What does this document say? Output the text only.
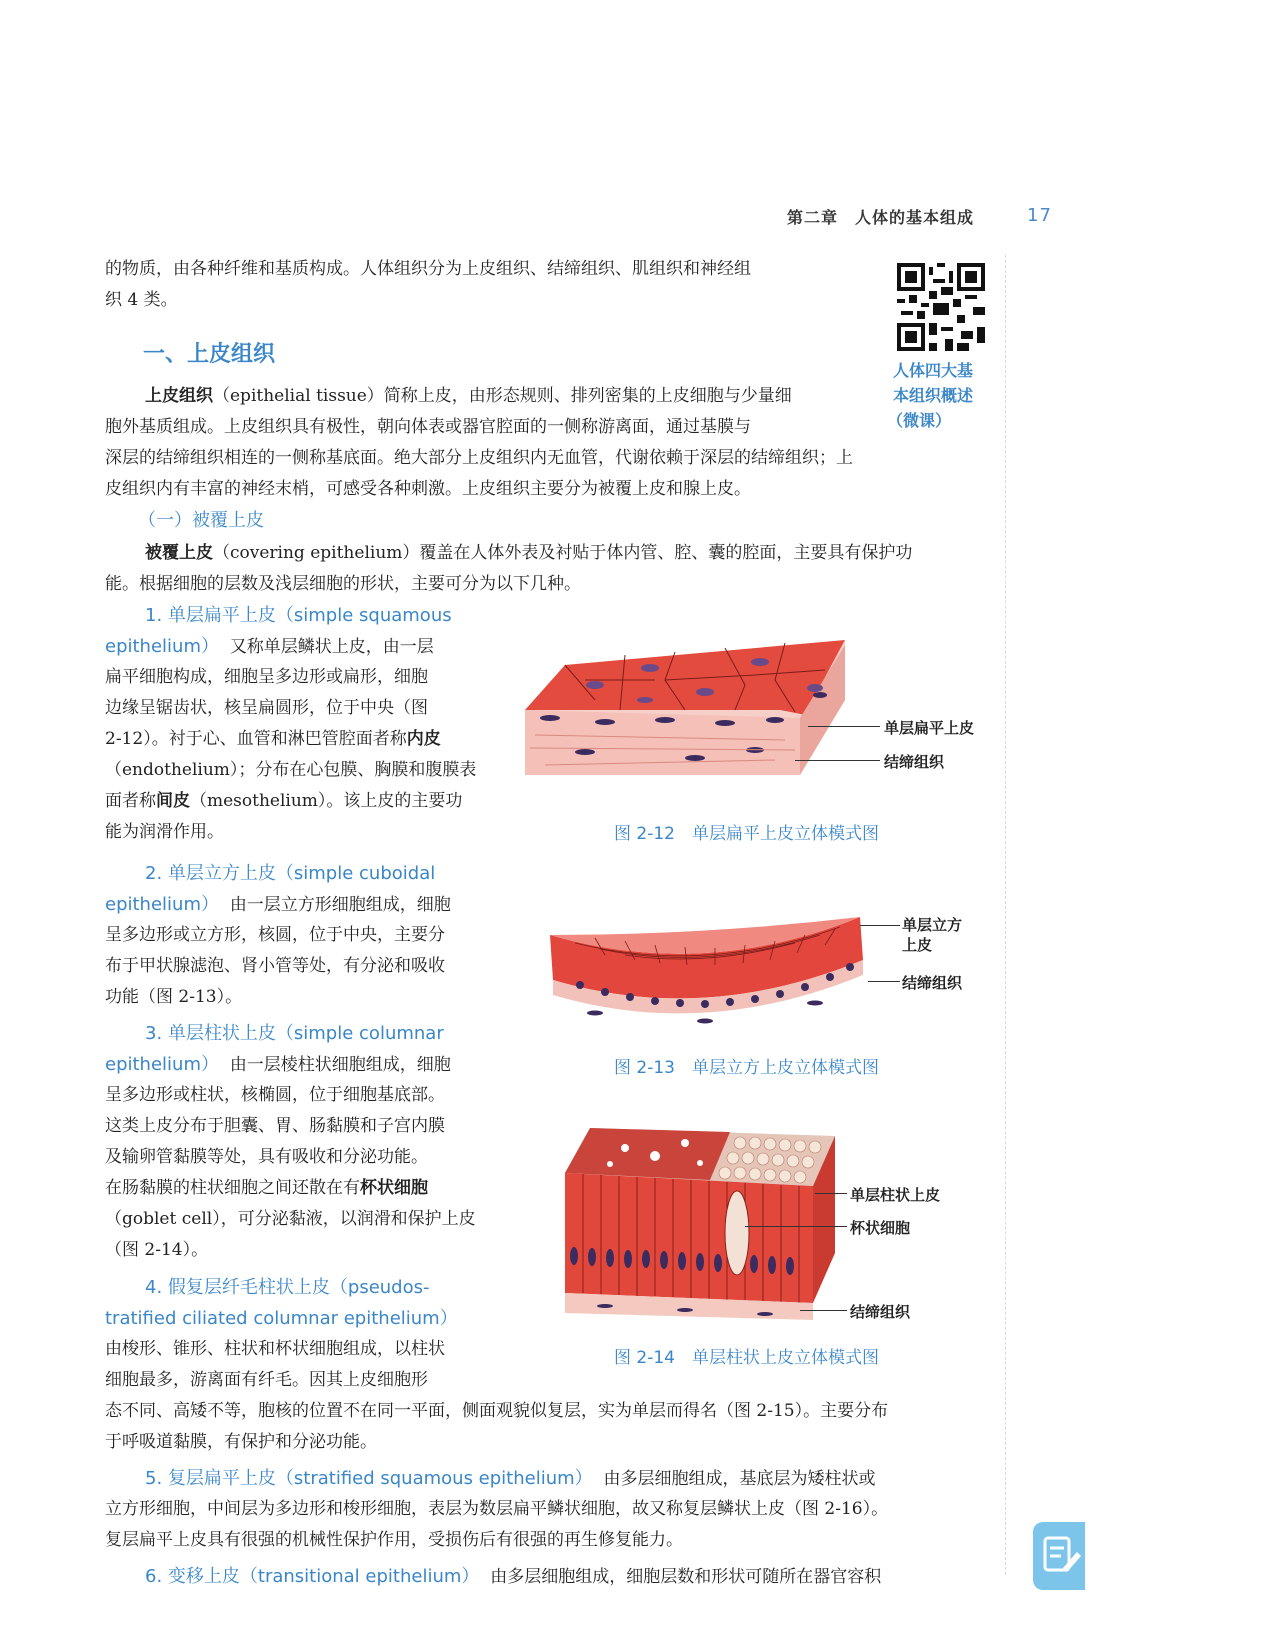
第二章　人体的基本组成	17
的物质，由各种纤维和基质构成。人体组织分为上皮组织、结缔组织、肌组织和神经组
织 4 类。
人体四大基
本组织概述
（微课）
一、上皮组织
上皮组织（epithelial tissue）简称上皮，由形态规则、排列密集的上皮细胞与少量细
胞外基质组成。上皮组织具有极性，朝向体表或器官腔面的一侧称游离面，通过基膜与
深层的结缔组织相连的一侧称基底面。绝大部分上皮组织内无血管，代谢依赖于深层的结缔组织；上
皮组织内有丰富的神经末梢，可感受各种刺激。上皮组织主要分为被覆上皮和腺上皮。
（一）被覆上皮
被覆上皮（covering epithelium）覆盖在人体外表及衬贴于体内管、腔、囊的腔面，主要具有保护功
能。根据细胞的层数及浅层细胞的形状，主要可分为以下几种。
1. 单层扁平上皮（simple squamous
epithelium） 又称单层鳞状上皮，由一层
扁平细胞构成，细胞呈多边形或扁形，细胞
边缘呈锯齿状，核呈扁圆形，位于中央（图
2-12）。衬于心、血管和淋巴管腔面者称内皮
（endothelium）；分布在心包膜、胸膜和腹膜表
面者称间皮（mesothelium）。该上皮的主要功
能为润滑作用。
2. 单层立方上皮（simple cuboidal
epithelium） 由一层立方形细胞组成，细胞
呈多边形或立方形，核圆，位于中央，主要分
布于甲状腺滤泡、肾小管等处，有分泌和吸收
功能（图 2-13）。
3. 单层柱状上皮（simple columnar
epithelium） 由一层棱柱状细胞组成，细胞
呈多边形或柱状，核椭圆，位于细胞基底部。
这类上皮分布于胆囊、胃、肠黏膜和子宫内膜
及输卵管黏膜等处，具有吸收和分泌功能。
在肠黏膜的柱状细胞之间还散在有杯状细胞
（goblet cell），可分泌黏液，以润滑和保护上皮
（图 2-14）。
4. 假复层纤毛柱状上皮（pseudos-
tratified ciliated columnar epithelium）
由梭形、锥形、柱状和杯状细胞组成，以柱状
细胞最多，游离面有纤毛。因其上皮细胞形
态不同、高矮不等，胞核的位置不在同一平面，侧面观貌似复层，实为单层而得名（图 2-15）。主要分布
于呼吸道黏膜，有保护和分泌功能。
5. 复层扁平上皮（stratified squamous epithelium） 由多层细胞组成，基底层为矮柱状或
立方形细胞，中间层为多边形和梭形细胞，表层为数层扁平鳞状细胞，故又称复层鳞状上皮（图 2-16）。
复层扁平上皮具有很强的机械性保护作用，受损伤后有很强的再生修复能力。
6. 变移上皮（transitional epithelium） 由多层细胞组成，细胞层数和形状可随所在器官容积
单层扁平上皮
结缔组织
图 2-12　单层扁平上皮立体模式图
单层立方
上皮
结缔组织
图 2-13　单层立方上皮立体模式图
单层柱状上皮
杯状细胞
结缔组织
图 2-14　单层柱状上皮立体模式图
